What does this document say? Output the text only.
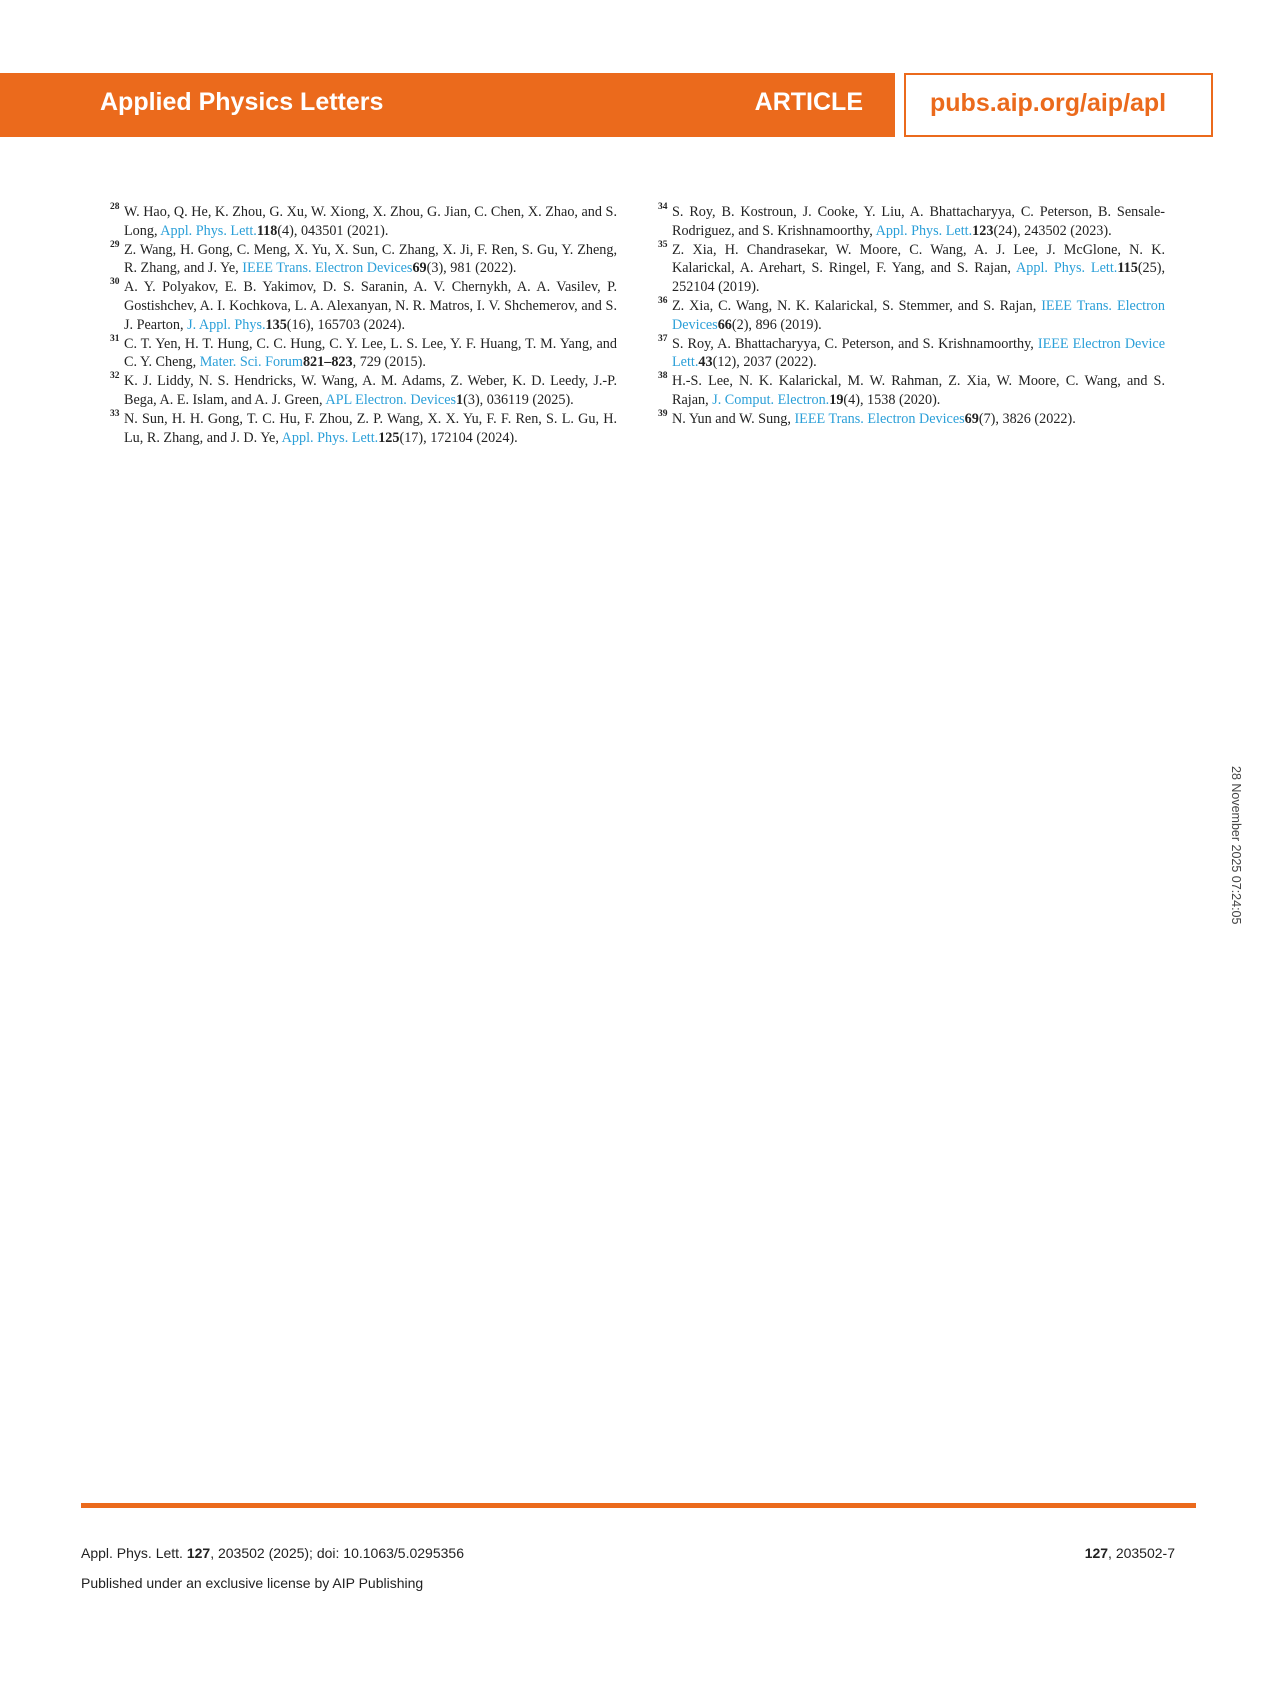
Applied Physics Letters	ARTICLE	pubs.aip.org/aip/apl

28 W. Hao, Q. He, K. Zhou, G. Xu, W. Xiong, X. Zhou, G. Jian, C. Chen, X. Zhao, and S. Long, Appl. Phys. Lett.118(4), 043501 (2021).

29 Z. Wang, H. Gong, C. Meng, X. Yu, X. Sun, C. Zhang, X. Ji, F. Ren, S. Gu, Y. Zheng, R. Zhang, and J. Ye, IEEE Trans. Electron Devices69(3), 981 (2022).

30 A. Y. Polyakov, E. B. Yakimov, D. S. Saranin, A. V. Chernykh, A. A. Vasilev, P. Gostishchev, A. I. Kochkova, L. A. Alexanyan, N. R. Matros, I. V. Shchemerov, and S. J. Pearton, J. Appl. Phys.135(16), 165703 (2024).

31 C. T. Yen, H. T. Hung, C. C. Hung, C. Y. Lee, L. S. Lee, Y. F. Huang, T. M. Yang, and C. Y. Cheng, Mater. Sci. Forum821–823, 729 (2015).

32 K. J. Liddy, N. S. Hendricks, W. Wang, A. M. Adams, Z. Weber, K. D. Leedy, J.-P. Bega, A. E. Islam, and A. J. Green, APL Electron. Devices1(3), 036119 (2025).

33 N. Sun, H. H. Gong, T. C. Hu, F. Zhou, Z. P. Wang, X. X. Yu, F. F. Ren, S. L. Gu, H. Lu, R. Zhang, and J. D. Ye, Appl. Phys. Lett.125(17), 172104 (2024).

34 S. Roy, B. Kostroun, J. Cooke, Y. Liu, A. Bhattacharyya, C. Peterson, B. Sensale-Rodriguez, and S. Krishnamoorthy, Appl. Phys. Lett.123(24), 243502 (2023).

35 Z. Xia, H. Chandrasekar, W. Moore, C. Wang, A. J. Lee, J. McGlone, N. K. Kalarickal, A. Arehart, S. Ringel, F. Yang, and S. Rajan, Appl. Phys. Lett.115(25), 252104 (2019).

36 Z. Xia, C. Wang, N. K. Kalarickal, S. Stemmer, and S. Rajan, IEEE Trans. Electron Devices66(2), 896 (2019).

37 S. Roy, A. Bhattacharyya, C. Peterson, and S. Krishnamoorthy, IEEE Electron Device Lett.43(12), 2037 (2022).

38 H.-S. Lee, N. K. Kalarickal, M. W. Rahman, Z. Xia, W. Moore, C. Wang, and S. Rajan, J. Comput. Electron.19(4), 1538 (2020).

39 N. Yun and W. Sung, IEEE Trans. Electron Devices69(7), 3826 (2022).

28 November 2025 07:24:05
Appl. Phys. Lett. 127, 203502 (2025); doi: 10.1063/5.0295356	127, 203502-7
Published under an exclusive license by AIP Publishing
